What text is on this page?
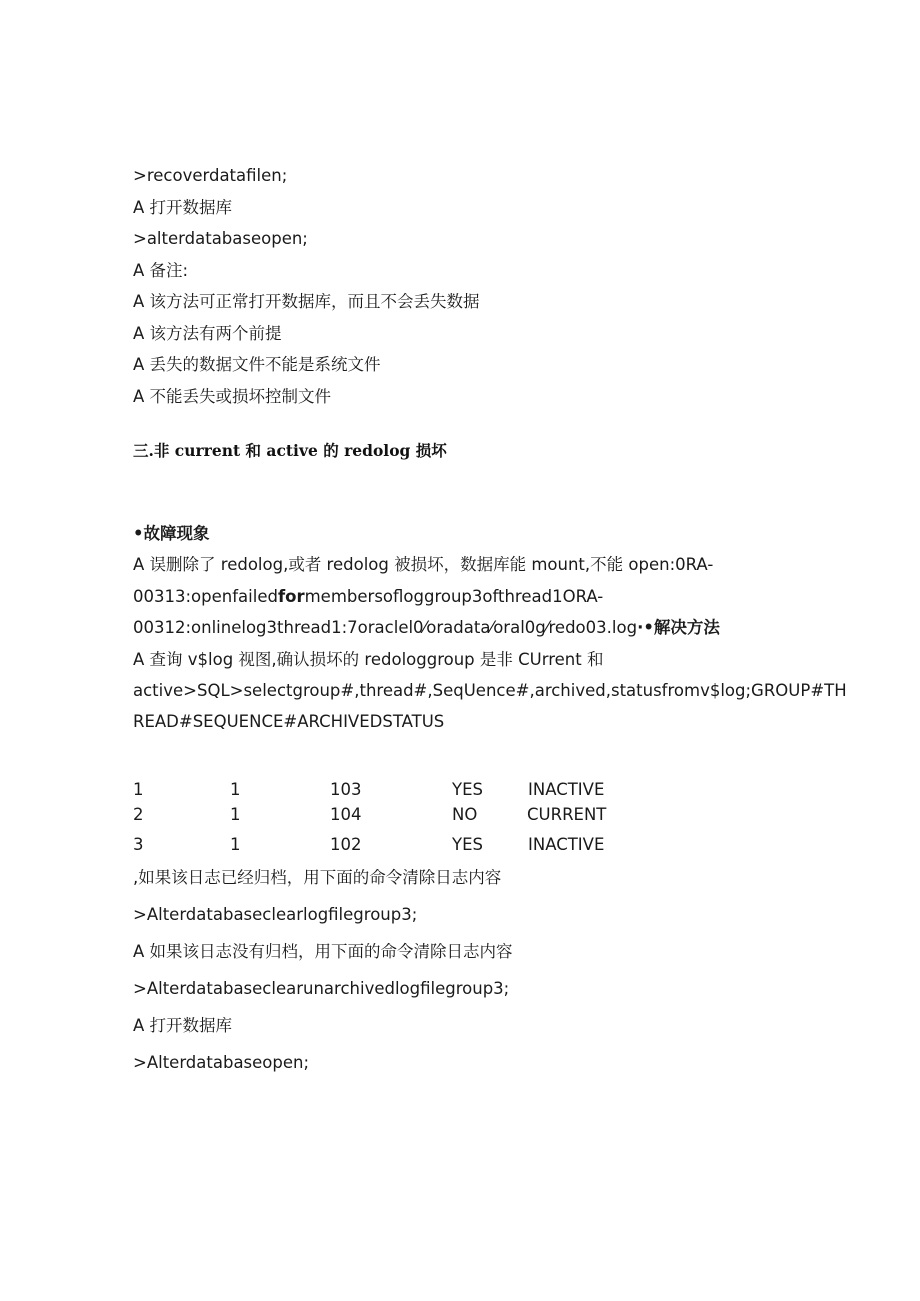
>recoverdatafilen;
A 打开数据库
>alterdatabaseopen;
A 备注:
A 该方法可正常打开数据库，而且不会丢失数据
A 该方法有两个前提
A 丢失的数据文件不能是系统文件
A 不能丢失或损坏控制文件
三.非 current 和 active 的 redolog 损坏
•故障现象
A 误删除了 redolog,或者 redolog 被损坏，数据库能 mount,不能 open:0RA-
00313:openfailedformembersofloggroup3ofthread1ORA-
00312:onlinelog3thread1:7oraclel0⁄oradata⁄oral0g⁄redo03.log·•解决方法
A 查询 v$log 视图,确认损坏的 redologgroup 是非 CUrrent 和
active>SQL>selectgroup#,thread#,SeqUence#,archived,statusfromv$log;GROUP#TH
READ#SEQUENCE#ARCHIVEDSTATUS
1	1	103	YES	INACTIVE
2	1	104	NO	CURRENT
3	1	102	YES	INACTIVE
,如果该日志已经归档，用下面的命令清除日志内容
>Alterdatabaseclearlogfilegroup3;
A 如果该日志没有归档，用下面的命令清除日志内容
>Alterdatabaseclearunarchivedlogfilegroup3;
A 打开数据库
>Alterdatabaseopen;
